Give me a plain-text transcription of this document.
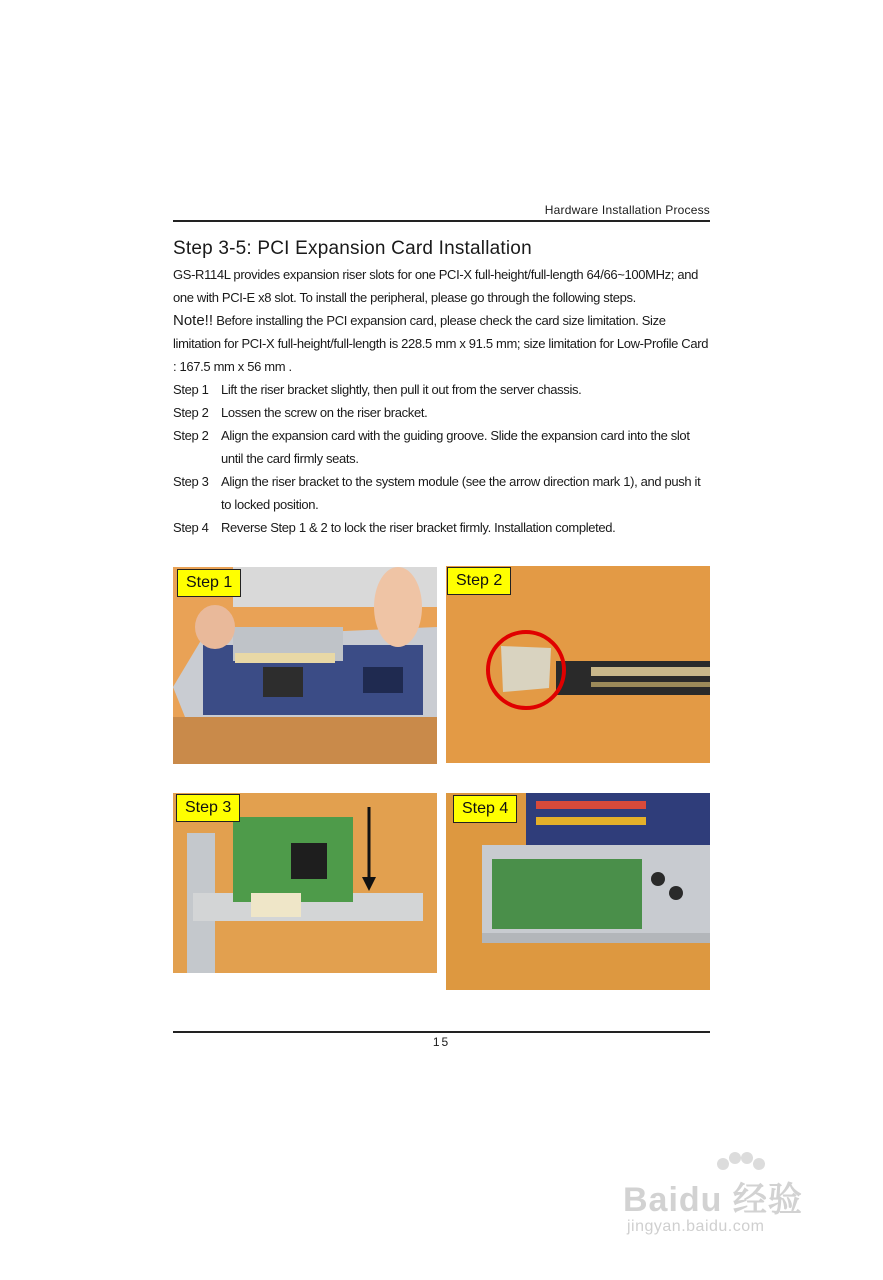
Hardware Installation Process
Step 3-5: PCI Expansion Card Installation

GS-R114L provides expansion riser slots for one PCI-X full-height/full-length 64/66~100MHz; and one with PCI-E x8 slot. To install the peripheral, please go through the following steps.

Note!! Before installing the PCI expansion card, please check the card size limitation. Size limitation for PCI-X full-height/full-length is 228.5 mm x 91.5 mm; size limitation for Low-Profile Card : 167.5 mm x 56 mm .

Step 1 Lift the riser bracket slightly, then pull it out from the server chassis.
Step 2 Lossen the screw on the riser bracket.
Step 2 Align the expansion card with the guiding groove. Slide the expansion card into the slot until the card firmly seats.
Step 3 Align the riser bracket to the system module (see the arrow direction mark 1), and push it to locked position.
Step 4 Reverse Step 1 & 2 to lock the riser bracket firmly. Installation completed.
Step 1	Step 2
Step 3	Step 4
15
Baidu 经验
jingyan.baidu.com
